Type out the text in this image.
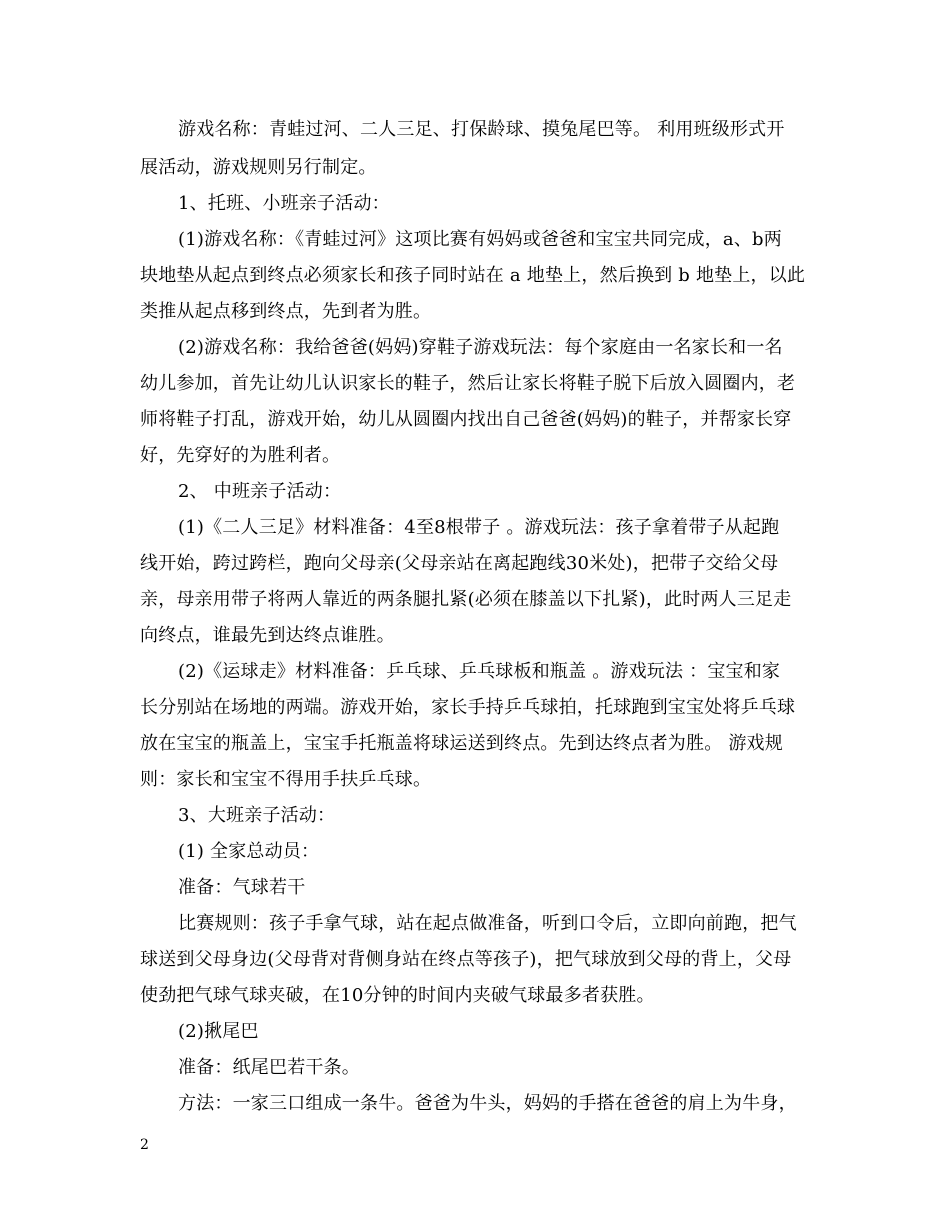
游戏名称：青蛙过河、二人三足、打保龄球、摸兔尾巴等。 利用班级形式开
展活动，游戏规则另行制定。
1、托班、小班亲子活动：
(1)游戏名称：《青蛙过河》这项比赛有妈妈或爸爸和宝宝共同完成，a、b两
块地垫从起点到终点必须家长和孩子同时站在 a 地垫上，然后换到 b 地垫上，以此
类推从起点移到终点，先到者为胜。
(2)游戏名称：我给爸爸(妈妈)穿鞋子游戏玩法：每个家庭由一名家长和一名
幼儿参加，首先让幼儿认识家长的鞋子，然后让家长将鞋子脱下后放入圆圈内，老
师将鞋子打乱，游戏开始，幼儿从圆圈内找出自己爸爸(妈妈)的鞋子，并帮家长穿
好，先穿好的为胜利者。
2、 中班亲子活动：
(1)《二人三足》材料准备：4至8根带子 。游戏玩法：孩子拿着带子从起跑
线开始，跨过跨栏，跑向父母亲(父母亲站在离起跑线30米处)，把带子交给父母
亲，母亲用带子将两人靠近的两条腿扎紧(必须在膝盖以下扎紧)，此时两人三足走
向终点，谁最先到达终点谁胜。
(2)《运球走》材料准备：乒乓球、乒乓球板和瓶盖 。游戏玩法 ：宝宝和家
长分别站在场地的两端。游戏开始，家长手持乒乓球拍，托球跑到宝宝处将乒乓球
放在宝宝的瓶盖上，宝宝手托瓶盖将球运送到终点。先到达终点者为胜。 游戏规
则：家长和宝宝不得用手扶乒乓球。
3、大班亲子活动：
(1) 全家总动员：
准备：气球若干
比赛规则：孩子手拿气球，站在起点做准备，听到口令后，立即向前跑，把气
球送到父母身边(父母背对背侧身站在终点等孩子)，把气球放到父母的背上，父母
使劲把气球气球夹破，在10分钟的时间内夹破气球最多者获胜。
(2)揪尾巴
准备：纸尾巴若干条。
方法：一家三口组成一条牛。爸爸为牛头，妈妈的手搭在爸爸的肩上为牛身，
2
